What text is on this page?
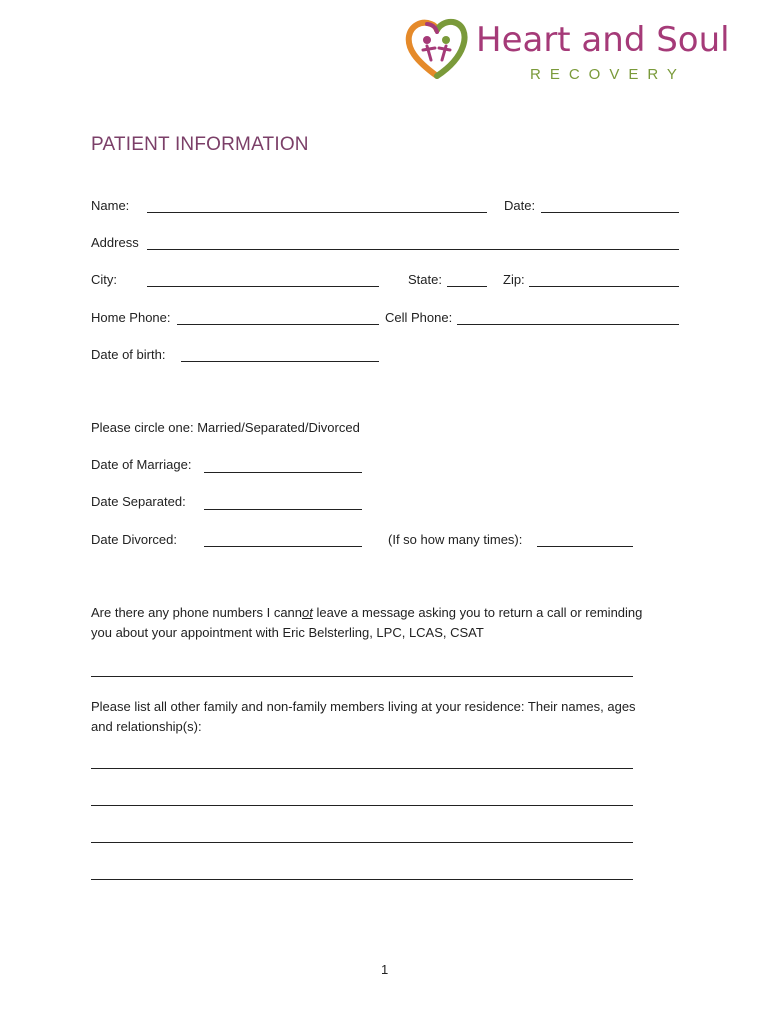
Heart and Soul
RECOVERY
PATIENT INFORMATION
Name:	Date:
Address
City:	State:	Zip:
Home Phone:	Cell Phone:
Date of birth:
Please circle one: Married/Separated/Divorced
Date of Marriage:
Date Separated:
Date Divorced:	(If so how many times):
Are there any phone numbers I cannot leave a message asking you to return a call or reminding
you about your appointment with Eric Belsterling, LPC, LCAS, CSAT
Please list all other family and non-family members living at your residence: Their names, ages
and relationship(s):
1
